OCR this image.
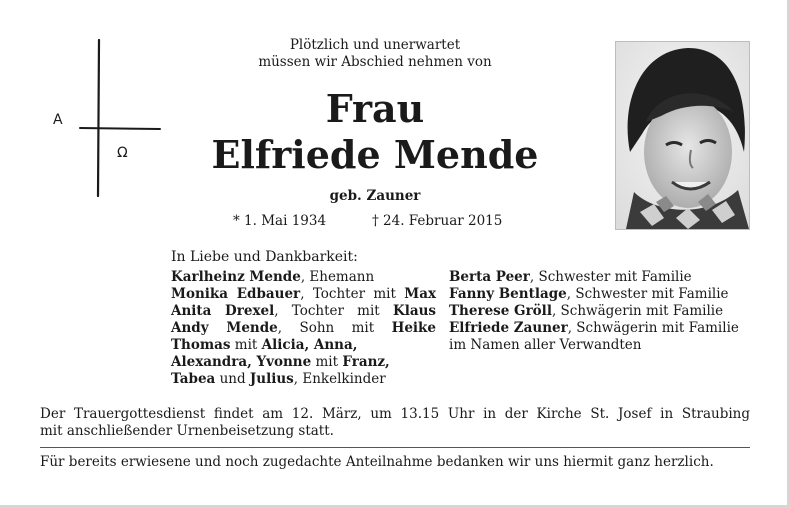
A
Ω
Plötzlich und unerwartet
müssen wir Abschied nehmen von
Frau
Elfriede Mende
geb. Zauner
* 1. Mai 1934	† 24. Februar 2015
In Liebe und Dankbarkeit:
Karlheinz Mende, Ehemann
Monika Edbauer, Tochter mit Max
Anita Drexel, Tochter mit Klaus
Andy Mende, Sohn mit Heike
Thomas mit Alicia, Anna,
Alexandra, Yvonne mit Franz,
Tabea und Julius, Enkelkinder
Berta Peer, Schwester mit Familie
Fanny Bentlage, Schwester mit Familie
Therese Gröll, Schwägerin mit Familie
Elfriede Zauner, Schwägerin mit Familie
im Namen aller Verwandten
Der Trauergottesdienst findet am 12. März, um 13.15 Uhr in der Kirche St. Josef in Straubing
mit anschließender Urnenbeisetzung statt.
Für bereits erwiesene und noch zugedachte Anteilnahme bedanken wir uns hiermit ganz herzlich.
